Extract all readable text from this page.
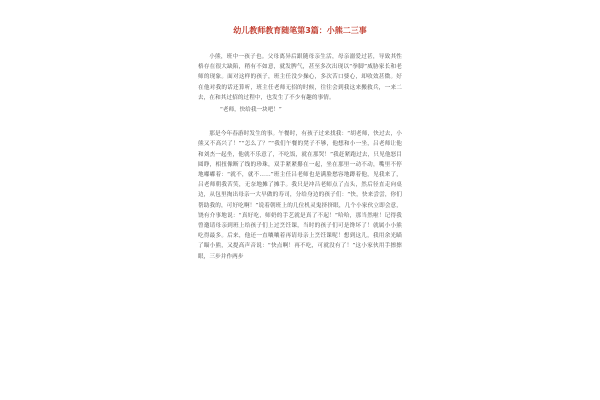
幼儿教师教育随笔第3篇：小熊二三事

小熊，班中一孩子也。父母离异后跟随母亲生活，母亲溺爱过甚，导致其性格存在很大缺陷，稍有不如意，就发脾气，甚至多次出现以“拳脚”威胁家长和老师的现象。面对这样的孩子，班主任没少操心，多次苦口婆心，却收效甚微。好在他对我的话还算听，班主任老师无招的时候，往往会到我这来搬救兵，一来二去，在和其过招的过程中，也发生了不少有趣的事情。

“老师，快给我一块吧！”

那是今年春游时发生的事。午餐时，有孩子过来找我：“胡老师，快过去，小熊又不高兴了！”“怎么了？”“我们午餐的凳子不够，他想和小一坐，吕老师让他和刘杰一起坐，他就不乐意了，不吃饭，就在那哭！”我赶紧跑过去，只见他怒目圆睁，相扭像断了线的珍珠，双手紧紧攥在一起，坐在那里一动不动，嘴里不停地嘟嘟着：“就不，就不……”班主任吕老师也是满脸愁容地蹲着他，见我来了，吕老师朝我苦笑，无奈地摊了摊手。我只是冲吕老师点了点头，然后径直走向桌边，从包里掏出母亲一大早做的寿司，分给身边的孩子们：“快，快来尝尝，你们帮助我的，可好吃啊！”说着朝班上的几位机灵鬼挤挤眼，几个小家伙立即会意，饶有介事地说：“真好吃，师奶的手艺就是真了不起！”哈哈，那当然啦！记得我曾邀请母亲到班上给孩子们上过烹饪课，当时的孩子们可是馋坏了！就属小小熊吃得最多。后来，他还一直嚷嚷着再请母亲上烹饪课呢！想到这儿，我用余光瞄了瞄小熊，又提高声音说：“快点啊！再不吃，可就没有了！”这小家伙用手擦擦眼，三步并作两步
